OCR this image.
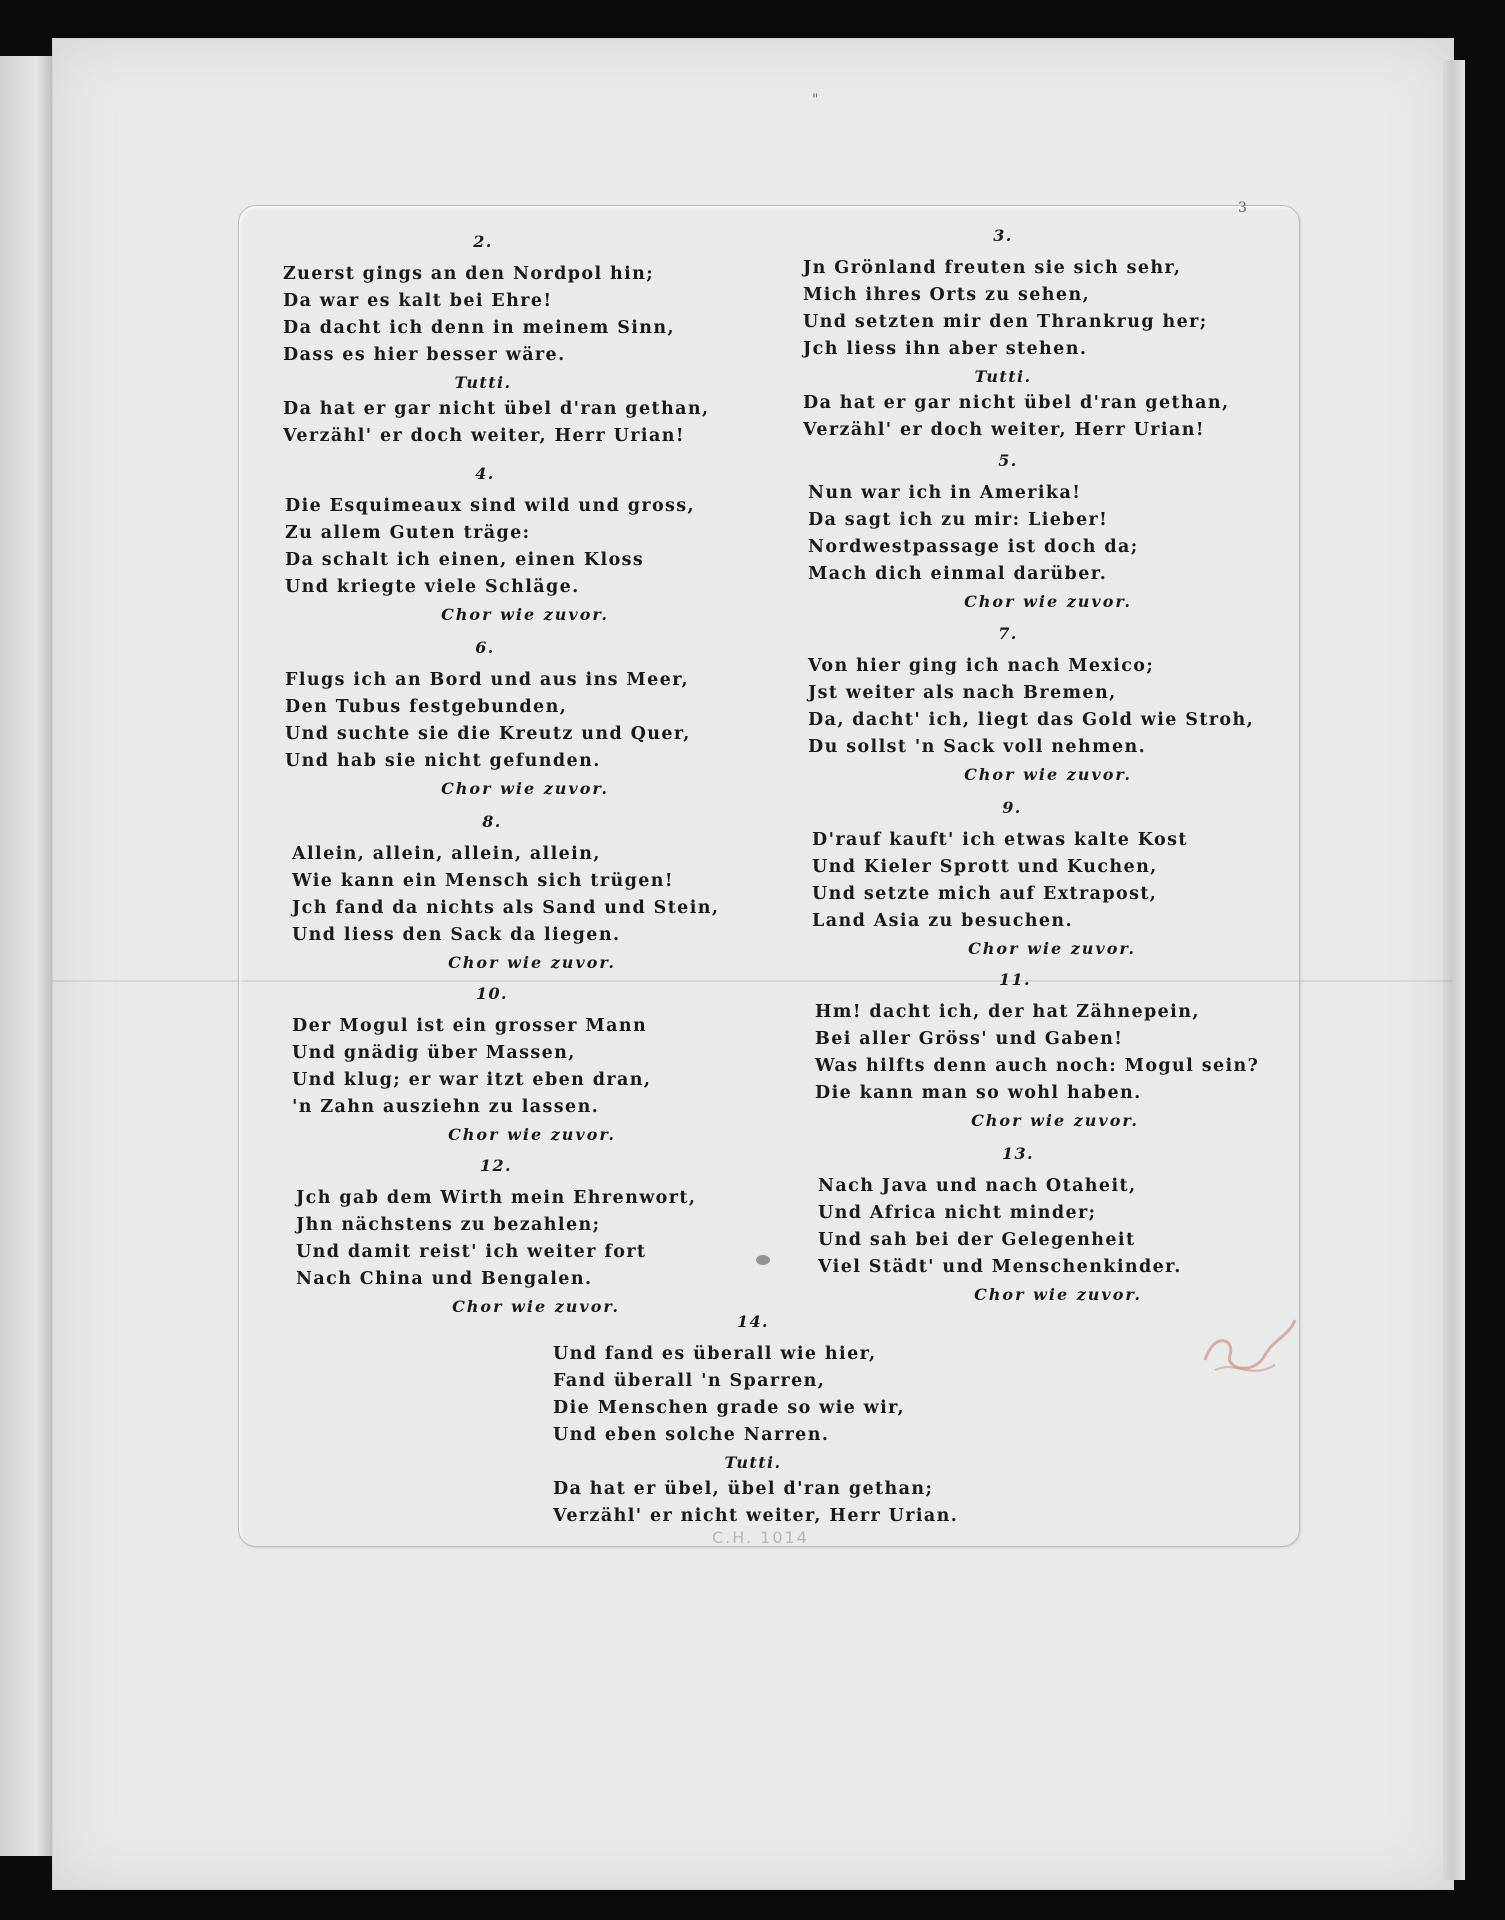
"
3
2.
Zuerst gings an den Nordpol hin;
Da war es kalt bei Ehre!
Da dacht ich denn in meinem Sinn,
Dass es hier besser wäre.
Tutti.
Da hat er gar nicht übel d'ran gethan,
Verzähl' er doch weiter, Herr Urian!
3.
Jn Grönland freuten sie sich sehr,
Mich ihres Orts zu sehen,
Und setzten mir den Thrankrug her;
Jch liess ihn aber stehen.
Tutti.
Da hat er gar nicht übel d'ran gethan,
Verzähl' er doch weiter, Herr Urian!
4.
Die Esquimeaux sind wild und gross,
Zu allem Guten träge:
Da schalt ich einen, einen Kloss
Und kriegte viele Schläge.
Chor wie zuvor.
5.
Nun war ich in Amerika!
Da sagt ich zu mir: Lieber!
Nordwestpassage ist doch da;
Mach dich einmal darüber.
Chor wie zuvor.
6.
Flugs ich an Bord und aus ins Meer,
Den Tubus festgebunden,
Und suchte sie die Kreutz und Quer,
Und hab sie nicht gefunden.
Chor wie zuvor.
7.
Von hier ging ich nach Mexico;
Jst weiter als nach Bremen,
Da, dacht' ich, liegt das Gold wie Stroh,
Du sollst 'n Sack voll nehmen.
Chor wie zuvor.
8.
Allein, allein, allein, allein,
Wie kann ein Mensch sich trügen!
Jch fand da nichts als Sand und Stein,
Und liess den Sack da liegen.
Chor wie zuvor.
9.
D'rauf kauft' ich etwas kalte Kost
Und Kieler Sprott und Kuchen,
Und setzte mich auf Extrapost,
Land Asia zu besuchen.
Chor wie zuvor.
10.
Der Mogul ist ein grosser Mann
Und gnädig über Massen,
Und klug; er war itzt eben dran,
'n Zahn ausziehn zu lassen.
Chor wie zuvor.
11.
Hm! dacht ich, der hat Zähnepein,
Bei aller Gröss' und Gaben!
Was hilfts denn auch noch: Mogul sein?
Die kann man so wohl haben.
Chor wie zuvor.
12.
Jch gab dem Wirth mein Ehrenwort,
Jhn nächstens zu bezahlen;
Und damit reist' ich weiter fort
Nach China und Bengalen.
Chor wie zuvor.
13.
Nach Java und nach Otaheit,
Und Africa nicht minder;
Und sah bei der Gelegenheit
Viel Städt' und Menschenkinder.
Chor wie zuvor.
14.
Und fand es überall wie hier,
Fand überall 'n Sparren,
Die Menschen grade so wie wir,
Und eben solche Narren.
Tutti.
Da hat er übel, übel d'ran gethan;
Verzähl' er nicht weiter, Herr Urian.
C.H. 1014
